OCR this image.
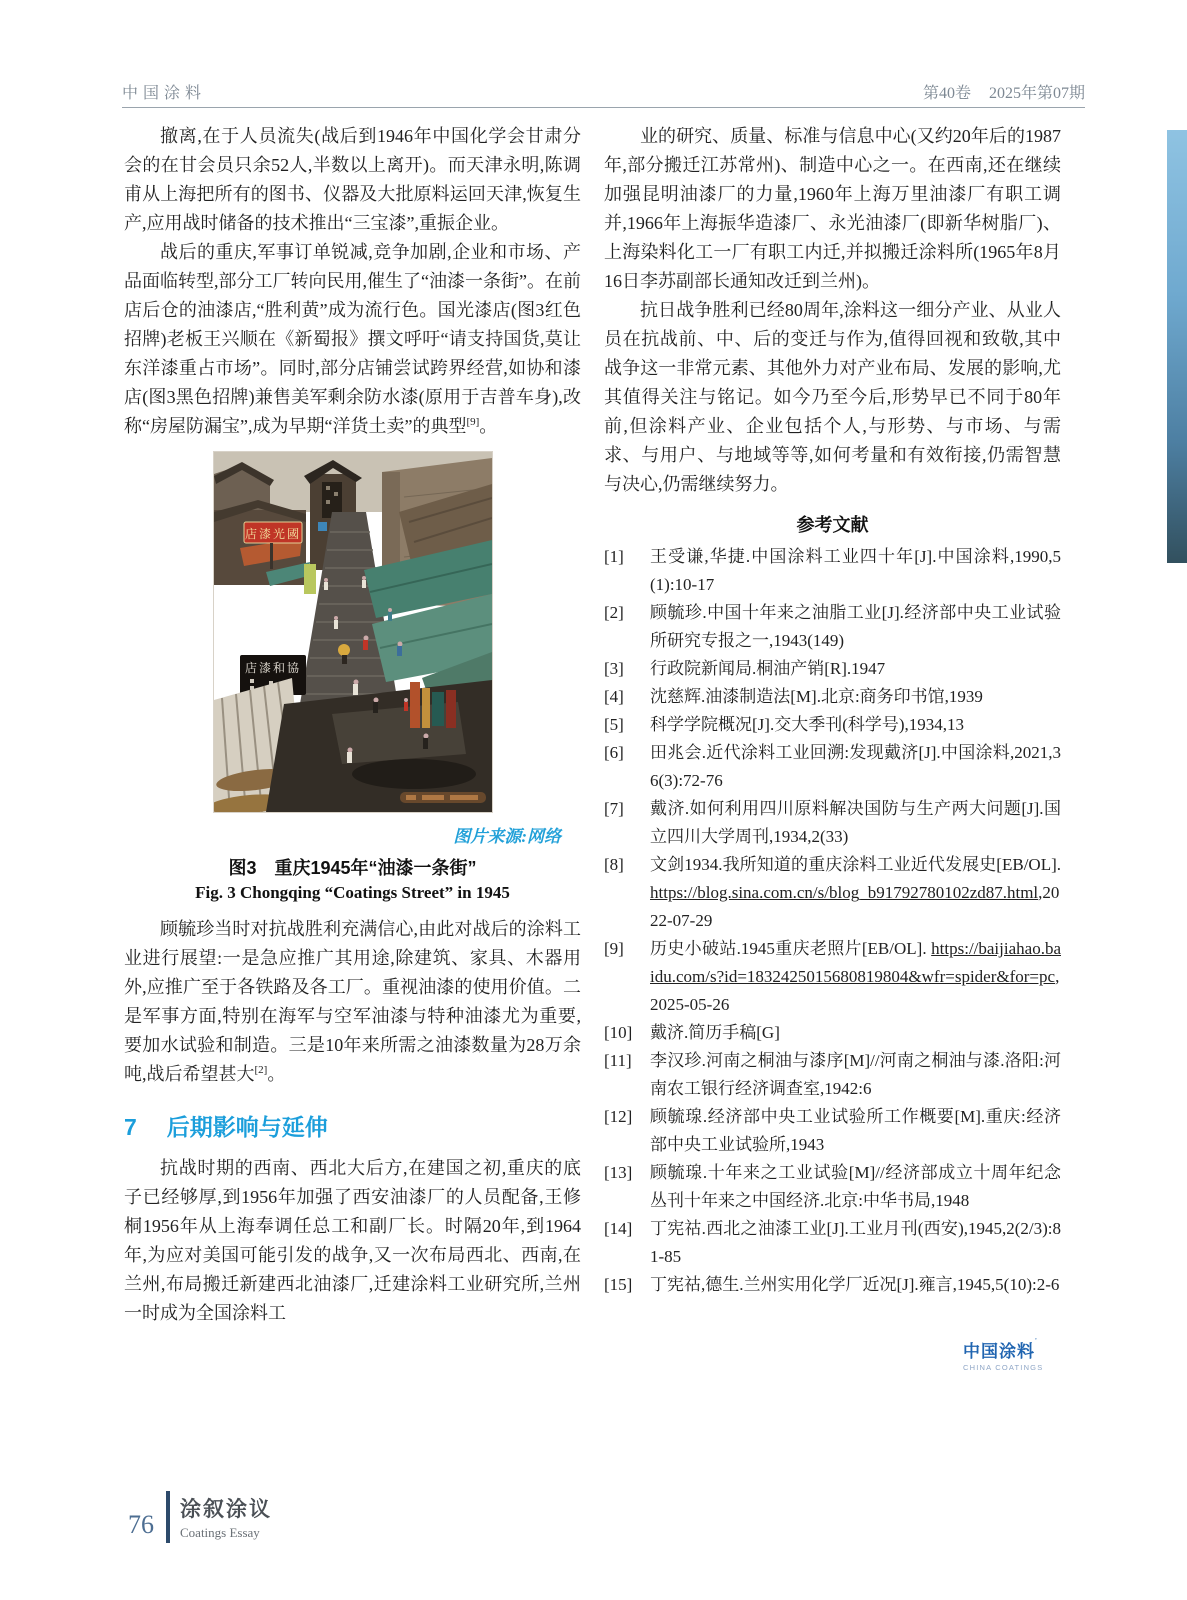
中国涂料	第40卷 2025年第07期

撤离,在于人员流失(战后到1946年中国化学会甘肃分会的在甘会员只余52人,半数以上离开)。而天津永明,陈调甫从上海把所有的图书、仪器及大批原料运回天津,恢复生产,应用战时储备的技术推出“三宝漆”,重振企业。

战后的重庆,军事订单锐减,竞争加剧,企业和市场、产品面临转型,部分工厂转向民用,催生了“油漆一条街”。在前店后仓的油漆店,“胜利黄”成为流行色。国光漆店(图3红色招牌)老板王兴顺在《新蜀报》撰文呼吁“请支持国货,莫让东洋漆重占市场”。同时,部分店铺尝试跨界经营,如协和漆店(图3黑色招牌)兼售美军剩余防水漆(原用于吉普车身),改称“房屋防漏宝”,成为早期“洋货土卖”的典型[9]。

店漆光國
店漆和協
图片来源:网络
图3　重庆1945年“油漆一条街”
Fig. 3 Chongqing “Coatings Street” in 1945

顾毓珍当时对抗战胜利充满信心,由此对战后的涂料工业进行展望:一是急应推广其用途,除建筑、家具、木器用外,应推广至于各铁路及各工厂。重视油漆的使用价值。二是军事方面,特别在海军与空军油漆与特种油漆尤为重要,要加水试验和制造。三是10年来所需之油漆数量为28万余吨,战后希望甚大[2]。

7 后期影响与延伸

抗战时期的西南、西北大后方,在建国之初,重庆的底子已经够厚,到1956年加强了西安油漆厂的人员配备,王修桐1956年从上海奉调任总工和副厂长。时隔20年,到1964年,为应对美国可能引发的战争,又一次布局西北、西南,在兰州,布局搬迁新建西北油漆厂,迁建涂料工业研究所,兰州一时成为全国涂料工

业的研究、质量、标准与信息中心(又约20年后的1987年,部分搬迁江苏常州)、制造中心之一。在西南,还在继续加强昆明油漆厂的力量,1960年上海万里油漆厂有职工调并,1966年上海振华造漆厂、永光油漆厂(即新华树脂厂)、上海染料化工一厂有职工内迁,并拟搬迁涂料所(1965年8月16日李苏副部长通知改迁到兰州)。

抗日战争胜利已经80周年,涂料这一细分产业、从业人员在抗战前、中、后的变迁与作为,值得回视和致敬,其中战争这一非常元素、其他外力对产业布局、发展的影响,尤其值得关注与铭记。如今乃至今后,形势早已不同于80年前,但涂料产业、企业包括个人,与形势、与市场、与需求、与用户、与地域等等,如何考量和有效衔接,仍需智慧与决心,仍需继续努力。

参考文献
[1]	王受谦,华捷.中国涂料工业四十年[J].中国涂料,1990,5(1):10-17
[2]	顾毓珍.中国十年来之油脂工业[J].经济部中央工业试验所研究专报之一,1943(149)
[3]	行政院新闻局.桐油产销[R].1947
[4]	沈慈辉.油漆制造法[M].北京:商务印书馆,1939
[5]	科学学院概况[J].交大季刊(科学号),1934,13
[6]	田兆会.近代涂料工业回溯:发现戴济[J].中国涂料,2021,36(3):72-76
[7]	戴济.如何利用四川原料解决国防与生产两大问题[J].国立四川大学周刊,1934,2(33)
[8]	文剑1934.我所知道的重庆涂料工业近代发展史[EB/OL]. https://blog.sina.com.cn/s/blog_b91792780102zd87.html,2022-07-29
[9]	历史小破站.1945重庆老照片[EB/OL]. https://baijiahao.baidu.com/s?id=1832425015680819804&wfr=spider&for=pc,2025-05-26
[10]	戴济.简历手稿[G]
[11]	李汉珍.河南之桐油与漆序[M]//河南之桐油与漆.洛阳:河南农工银行经济调查室,1942:6
[12]	顾毓瑔.经济部中央工业试验所工作概要[M].重庆:经济部中央工业试验所,1943
[13]	顾毓瑔.十年来之工业试验[M]//经济部成立十周年纪念丛刊十年来之中国经济.北京:中华书局,1948
[14]	丁宪祜.西北之油漆工业[J].工业月刊(西安),1945,2(2/3):81-85
[15]	丁宪祜,德生.兰州实用化学厂近况[J].雍言,1945,5(10):2-6
中国涂料’
CHINA COATINGS
76
涂叙涂议
Coatings Essay
